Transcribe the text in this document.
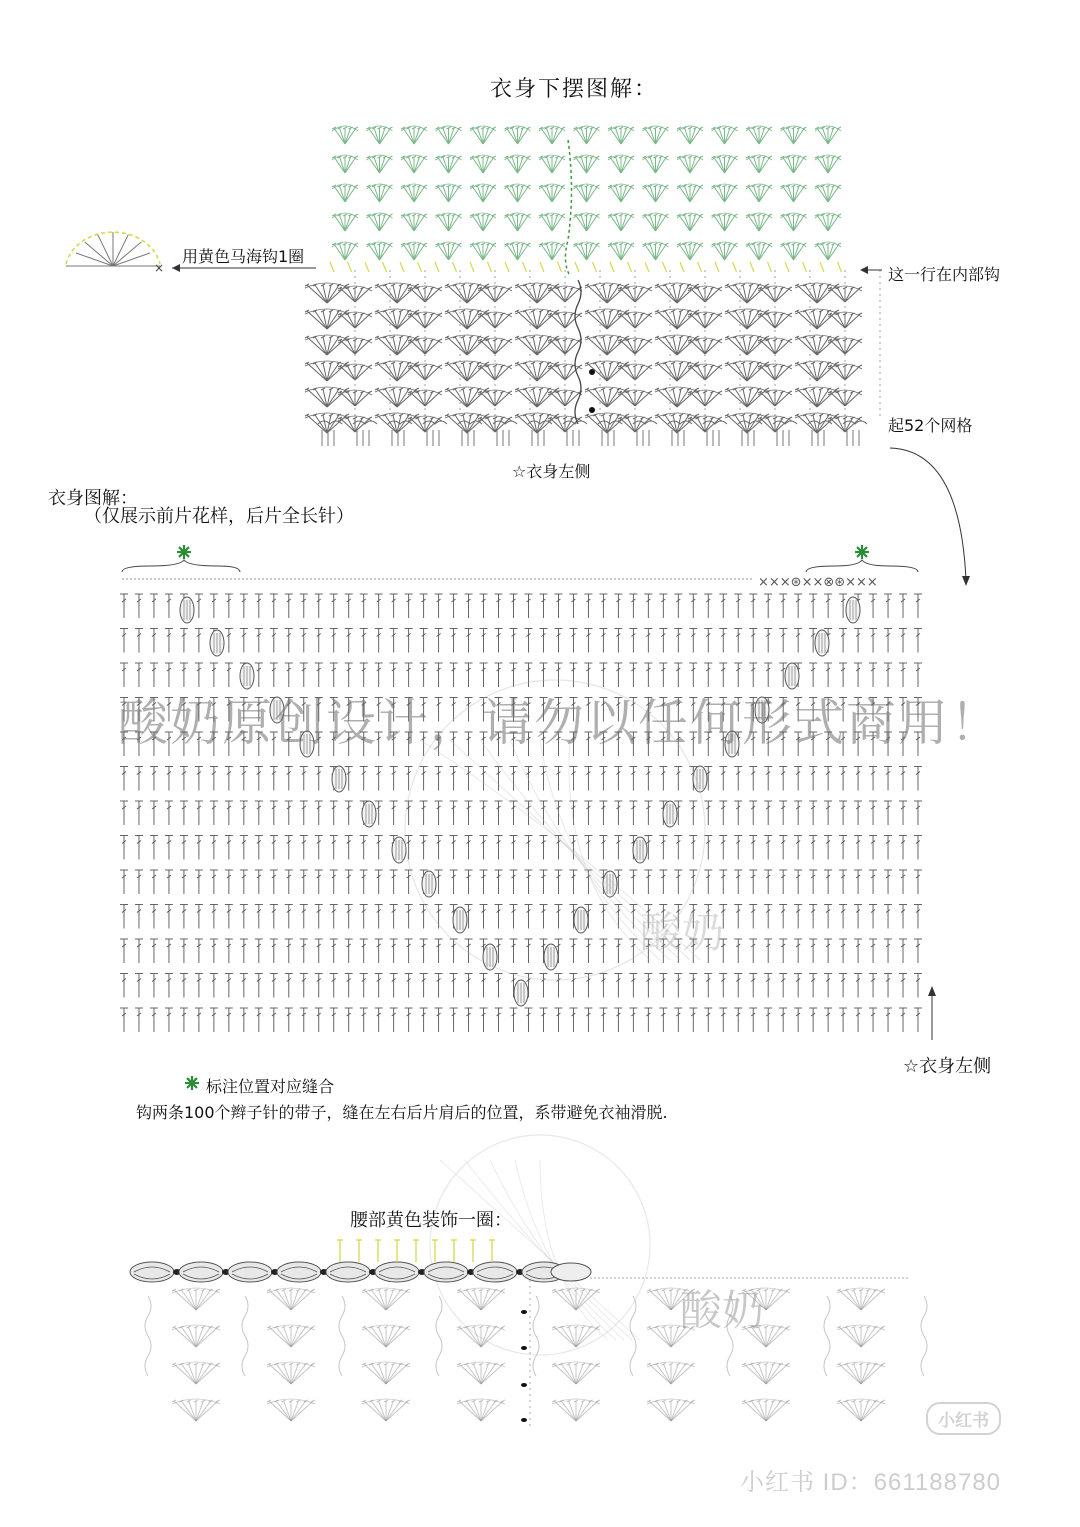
×
×××⊛××⊗⊛×××
衣身下摆图解：
用黄色马海钩1圈
这一行在内部钩
起52个网格
☆衣身左侧
衣身图解：
（仅展示前片花样，后片全长针）
☆衣身左侧
标注位置对应缝合
钩两条100个辫子针的带子，缝在左右后片肩后的位置，系带避免衣袖滑脱.
腰部黄色装饰一圈：
酸奶原创设计，请勿以任何形式商用！
酸奶
酸奶
小红书
小红书 ID：661188780
